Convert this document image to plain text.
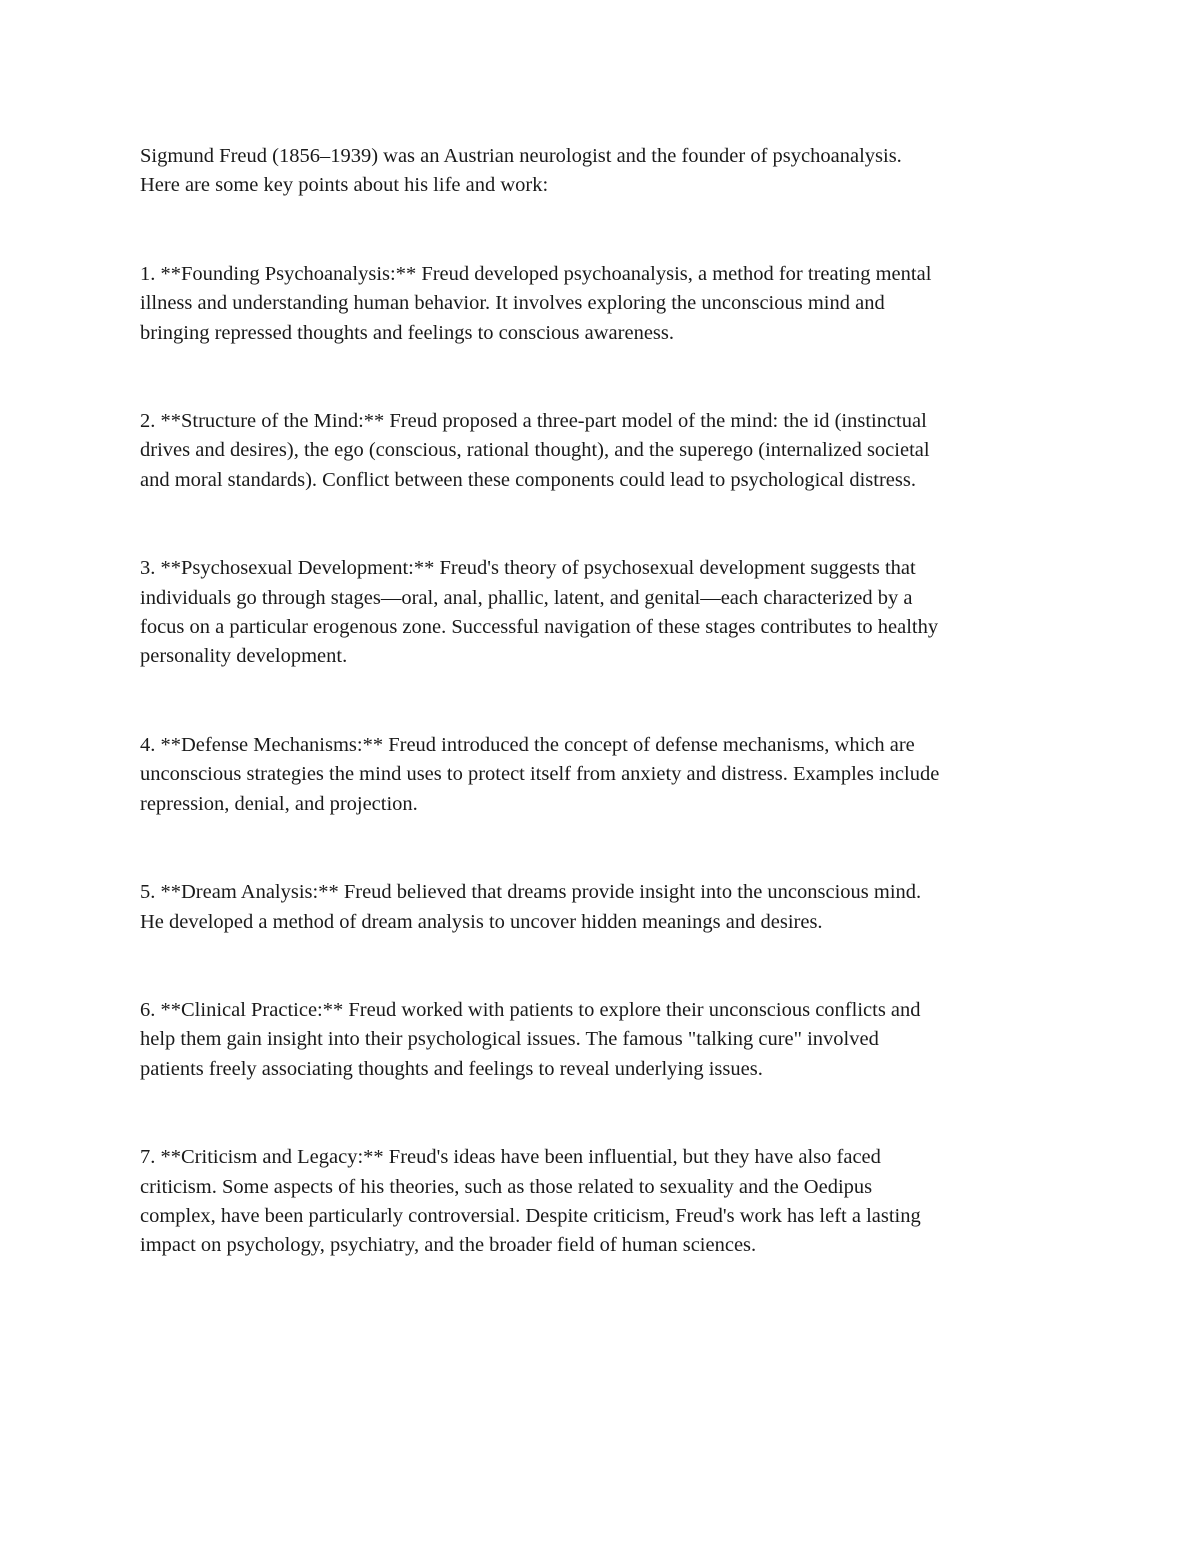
Sigmund Freud (1856–1939) was an Austrian neurologist and the founder of psychoanalysis.
Here are some key points about his life and work:

1. **Founding Psychoanalysis:** Freud developed psychoanalysis, a method for treating mental
illness and understanding human behavior. It involves exploring the unconscious mind and
bringing repressed thoughts and feelings to conscious awareness.

2. **Structure of the Mind:** Freud proposed a three-part model of the mind: the id (instinctual
drives and desires), the ego (conscious, rational thought), and the superego (internalized societal
and moral standards). Conflict between these components could lead to psychological distress.

3. **Psychosexual Development:** Freud's theory of psychosexual development suggests that
individuals go through stages—oral, anal, phallic, latent, and genital—each characterized by a
focus on a particular erogenous zone. Successful navigation of these stages contributes to healthy
personality development.

4. **Defense Mechanisms:** Freud introduced the concept of defense mechanisms, which are
unconscious strategies the mind uses to protect itself from anxiety and distress. Examples include
repression, denial, and projection.

5. **Dream Analysis:** Freud believed that dreams provide insight into the unconscious mind.
He developed a method of dream analysis to uncover hidden meanings and desires.

6. **Clinical Practice:** Freud worked with patients to explore their unconscious conflicts and
help them gain insight into their psychological issues. The famous "talking cure" involved
patients freely associating thoughts and feelings to reveal underlying issues.

7. **Criticism and Legacy:** Freud's ideas have been influential, but they have also faced
criticism. Some aspects of his theories, such as those related to sexuality and the Oedipus
complex, have been particularly controversial. Despite criticism, Freud's work has left a lasting
impact on psychology, psychiatry, and the broader field of human sciences.
